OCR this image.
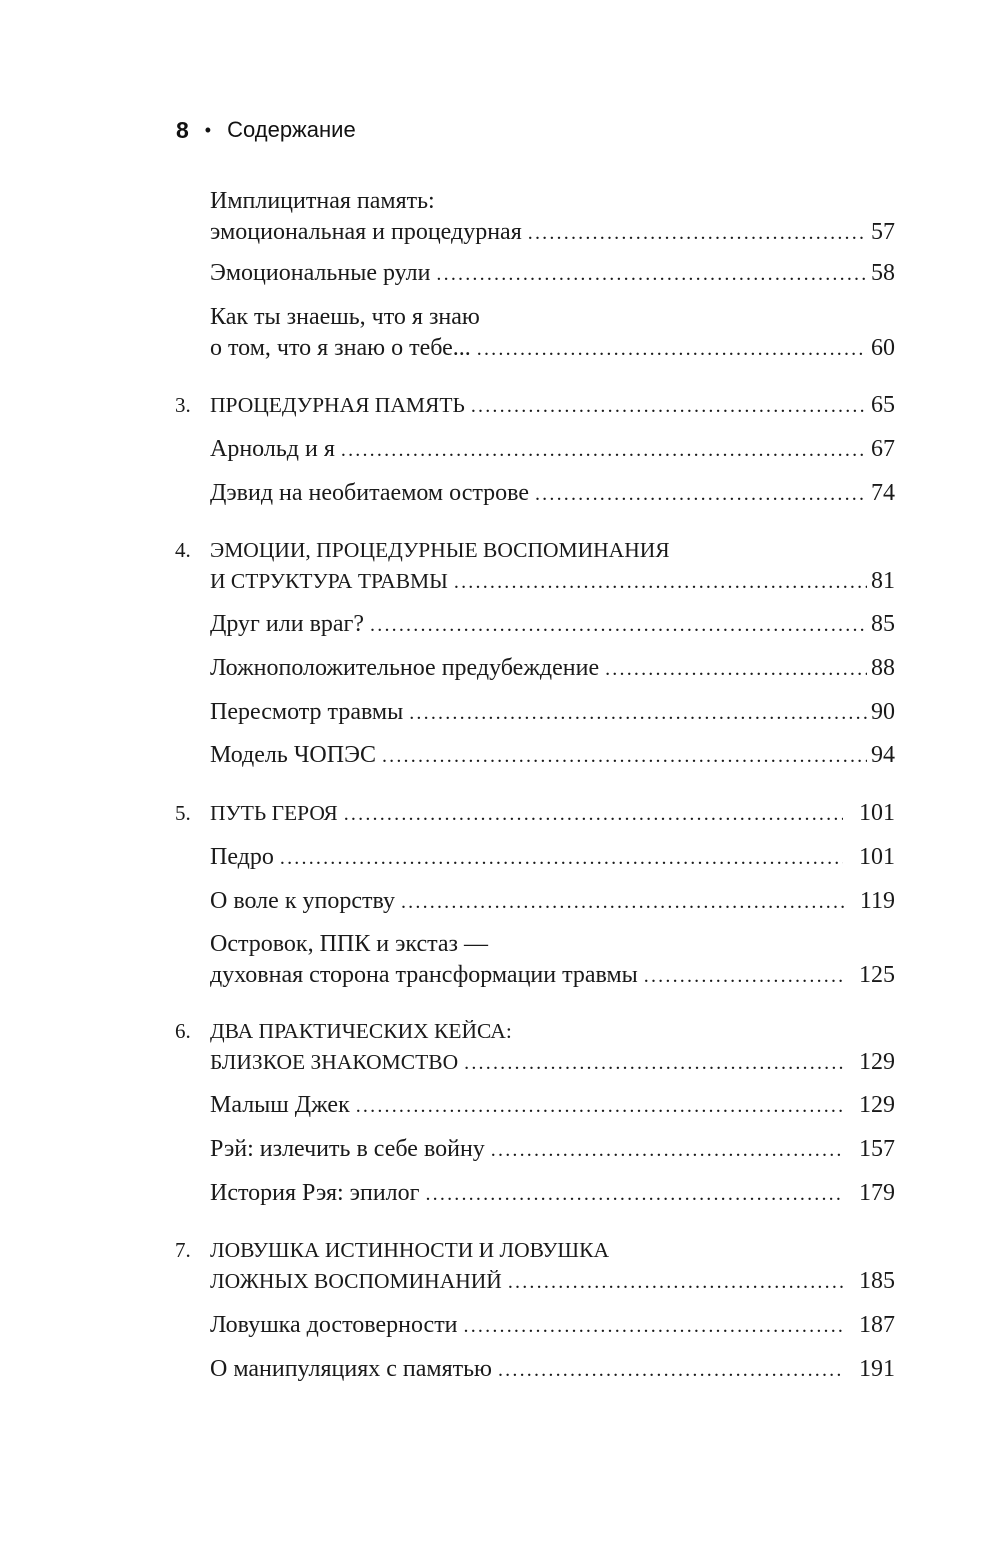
8 • Содержание
Имплицитная память:
эмоциональная и процедурная . . .	57
Эмоциональные рули . . .	58
Как ты знаешь, что я знаю
о том, что я знаю о тебе... . . .	60
3. ПРОЦЕДУРНАЯ ПАМЯТЬ . . .	65
Арнольд и я . . .	67
Дэвид на необитаемом острове . . .	74
4. ЭМОЦИИ, ПРОЦЕДУРНЫЕ ВОСПОМИНАНИЯ
И СТРУКТУРА ТРАВМЫ . . .	81
Друг или враг? . . .	85
Ложноположительное предубеждение . . .	88
Пересмотр травмы . . .	90
Модель ЧОПЭС . . .	94
5. ПУТЬ ГЕРОЯ . . .	101
Педро . . .	101
О воле к упорству . . .	119
Островок, ППК и экстаз —
духовная сторона трансформации травмы . . .	125
6. ДВА ПРАКТИЧЕСКИХ КЕЙСА:
БЛИЗКОЕ ЗНАКОМСТВО . . .	129
Малыш Джек . . .	129
Рэй: излечить в себе войну . . .	157
История Рэя: эпилог . . .	179
7. ЛОВУШКА ИСТИННОСТИ И ЛОВУШКА
ЛОЖНЫХ ВОСПОМИНАНИЙ . . .	185
Ловушка достоверности . . .	187
О манипуляциях с памятью . . .	191
